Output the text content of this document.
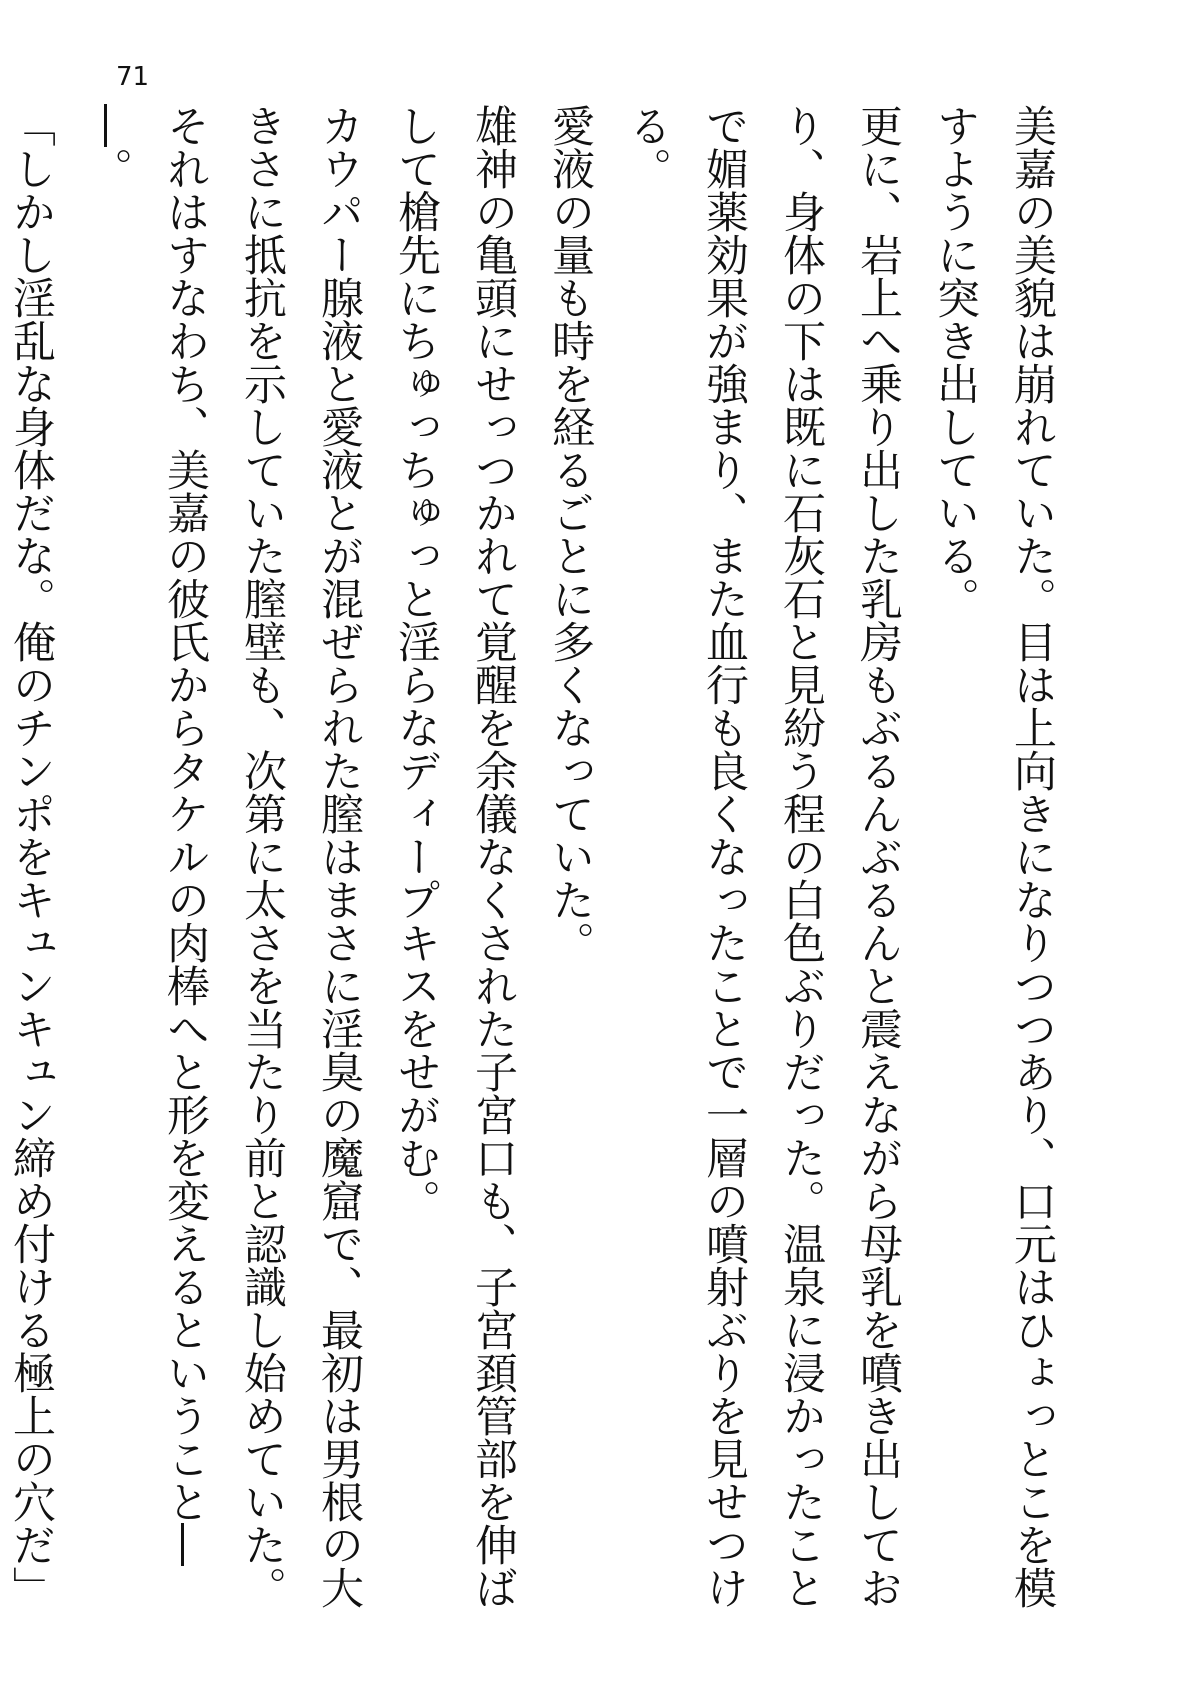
71

美嘉の美貌は崩れていた。目は上向きになりつつあり、口元はひょっとこを模すように突き出している。

更に、岩上へ乗り出した乳房もぶるんぶるんと震えながら母乳を噴き出しており、身体の下は既に石灰石と見紛う程の白色ぶりだった。温泉に浸かったことで媚薬効果が強まり、また血行も良くなったことで一層の噴射ぶりを見せつける。

愛液の量も時を経るごとに多くなっていた。

雄神の亀頭にせっつかれて覚醒を余儀なくされた子宮口も、子宮頚管部を伸ばして槍先にちゅっちゅっと淫らなディープキスをせがむ。

カウパー腺液と愛液とが混ぜられた膣はまさに淫臭の魔窟で、最初は男根の大きさに抵抗を示していた膣壁も、次第に太さを当たり前と認識し始めていた。

それはすなわち、美嘉の彼氏からタケルの肉棒へと形を変えるということ――。

「しかし淫乱な身体だな。俺のチンポをキュンキュン締め付ける極上の穴だ」
